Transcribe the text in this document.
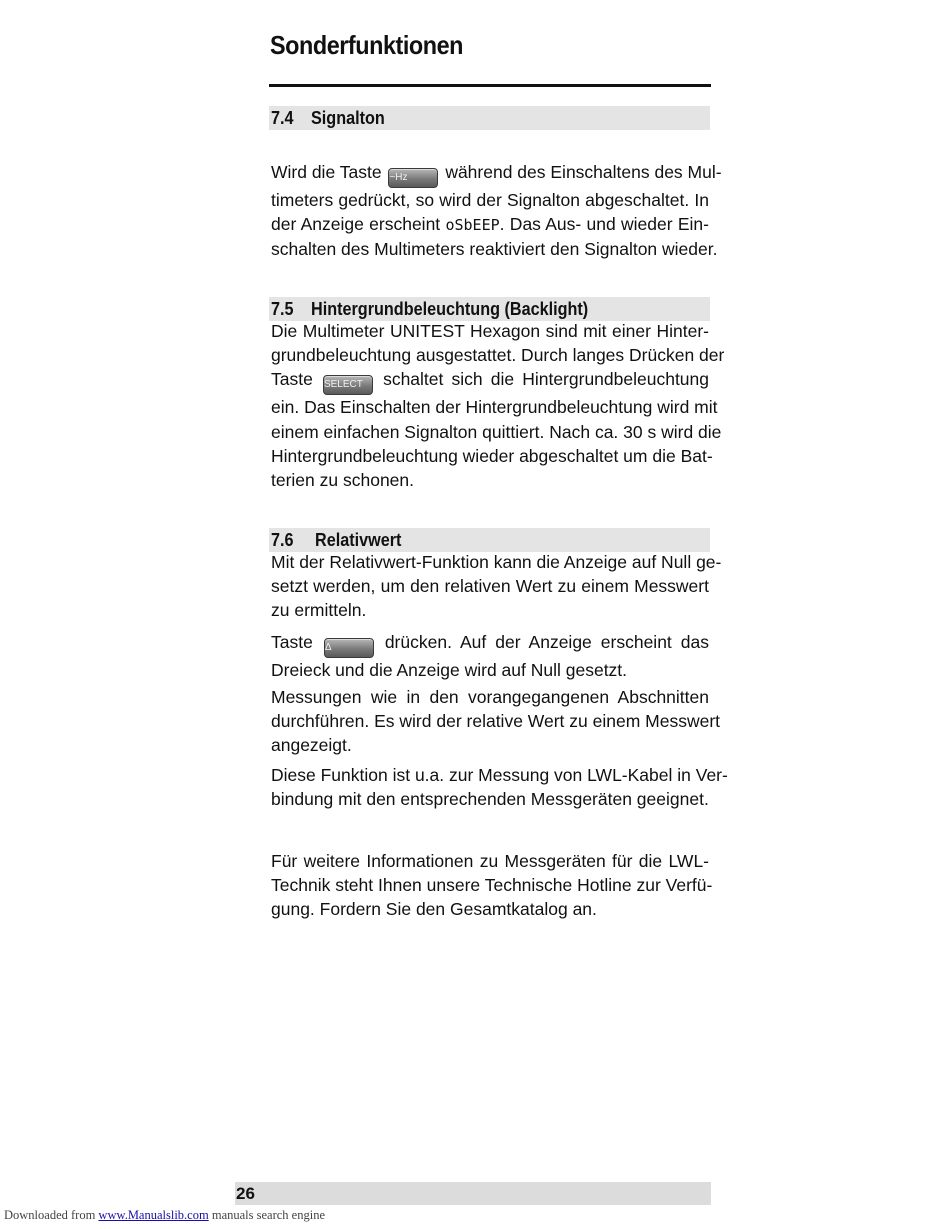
Sonderfunktionen
7.4 Signalton
Wird die Taste ~Hz während des Einschaltens des Mul-
timeters gedrückt, so wird der Signalton abgeschaltet. In
der Anzeige erscheint oSbEEP. Das Aus- und wieder Ein-
schalten des Multimeters reaktiviert den Signalton wieder.
7.5 Hintergrundbeleuchtung (Backlight)
Die Multimeter UNITEST Hexagon sind mit einer Hinter-
grundbeleuchtung ausgestattet. Durch langes Drücken der
Taste SELECT schaltet sich die Hintergrundbeleuchtung
ein. Das Einschalten der Hintergrundbeleuchtung wird mit
einem einfachen Signalton quittiert. Nach ca. 30 s wird die
Hintergrundbeleuchtung wieder abgeschaltet um die Bat-
terien zu schonen.
7.6 Relativwert
Mit der Relativwert-Funktion kann die Anzeige auf Null ge-
setzt werden, um den relativen Wert zu einem Messwert
zu ermitteln.
Taste Δ	drücken. Auf der Anzeige erscheint das
Dreieck und die Anzeige wird auf Null gesetzt.
Messungen wie in den vorangegangenen Abschnitten
durchführen. Es wird der relative Wert zu einem Messwert
angezeigt.
Diese Funktion ist u.a. zur Messung von LWL-Kabel in Ver-
bindung mit den entsprechenden Messgeräten geeignet.
Für weitere Informationen zu Messgeräten für die LWL-
Technik steht Ihnen unsere Technische Hotline zur Verfü-
gung. Fordern Sie den Gesamtkatalog an.
26
Downloaded from www.Manualslib.com manuals search engine
